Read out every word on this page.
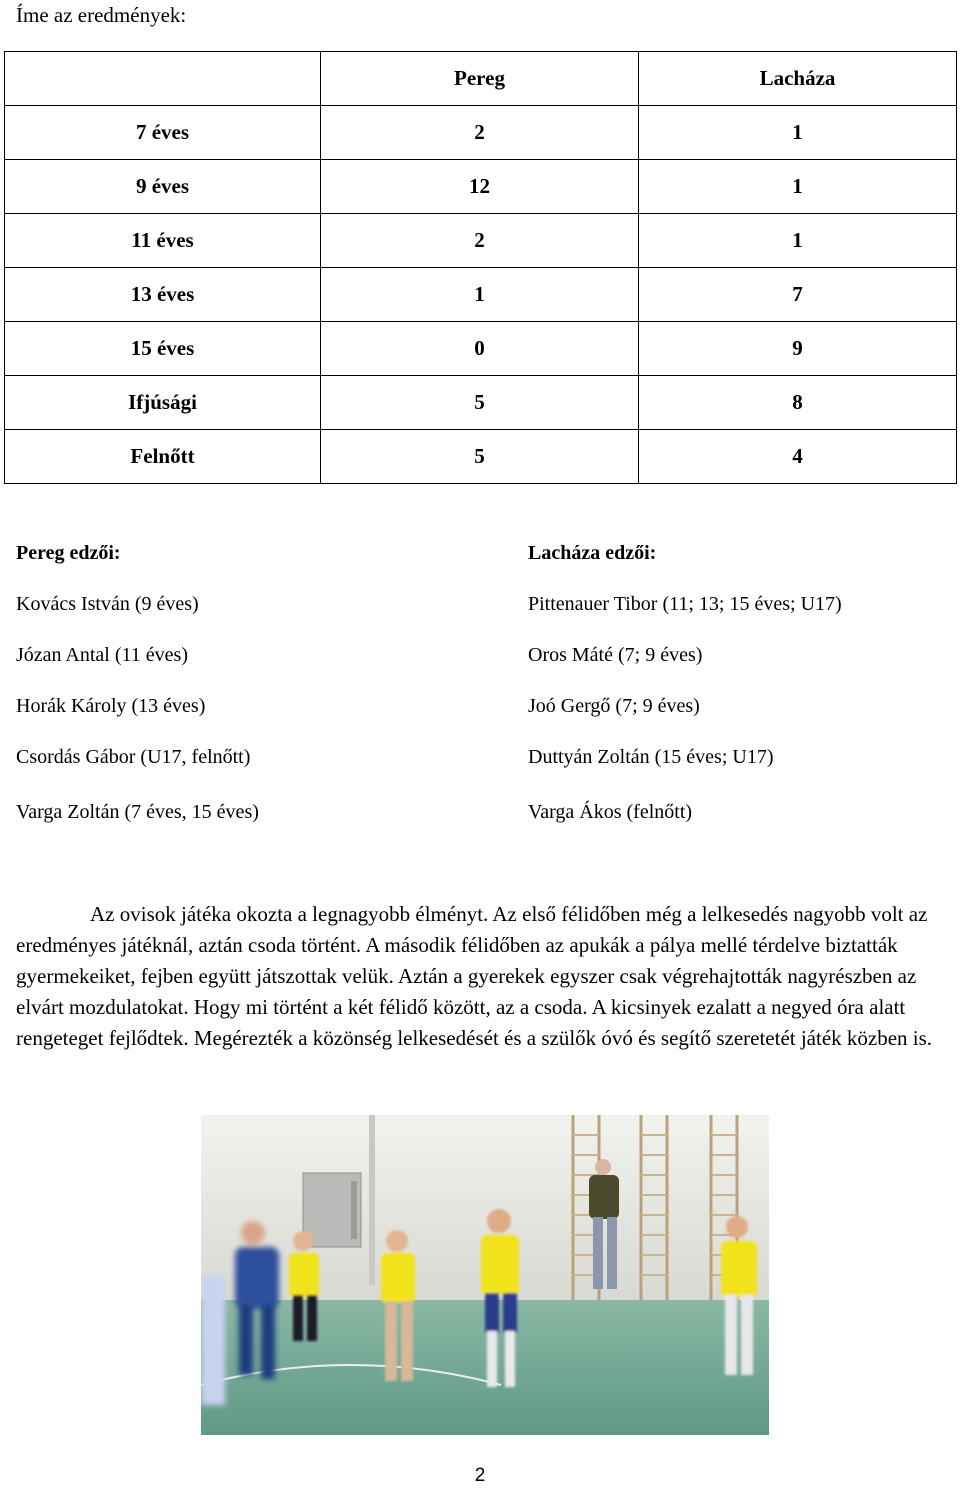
Íme az eredmények:
	Pereg	Lacháza
7 éves	2	1
9 éves	12	1
11 éves	2	1
13 éves	1	7
15 éves	0	9
Ifjúsági	5	8
Felnőtt	5	4
Pereg edzői:
Kovács István (9 éves)
Józan Antal (11 éves)
Horák Károly (13 éves)
Csordás Gábor (U17, felnőtt)
Varga Zoltán (7 éves, 15 éves)
Lacháza edzői:
Pittenauer Tibor (11; 13; 15 éves; U17)
Oros Máté (7; 9 éves)
Joó Gergő (7; 9 éves)
Duttyán Zoltán (15 éves; U17)
Varga Ákos (felnőtt)

Az ovisok játéka okozta a legnagyobb élményt. Az első félidőben még a lelkesedés nagyobb volt az eredményes játéknál, aztán csoda történt. A második félidőben az apukák a pálya mellé térdelve biztatták gyermekeiket, fejben együtt játszottak velük. Aztán a gyerekek egyszer csak végrehajtották nagyrészben az elvárt mozdulatokat. Hogy mi történt a két félidő között, az a csoda. A kicsinyek ezalatt a negyed óra alatt rengeteget fejlődtek. Megérezték a közönség lelkesedését és a szülők óvó és segítő szeretetét játék közben is.

2
